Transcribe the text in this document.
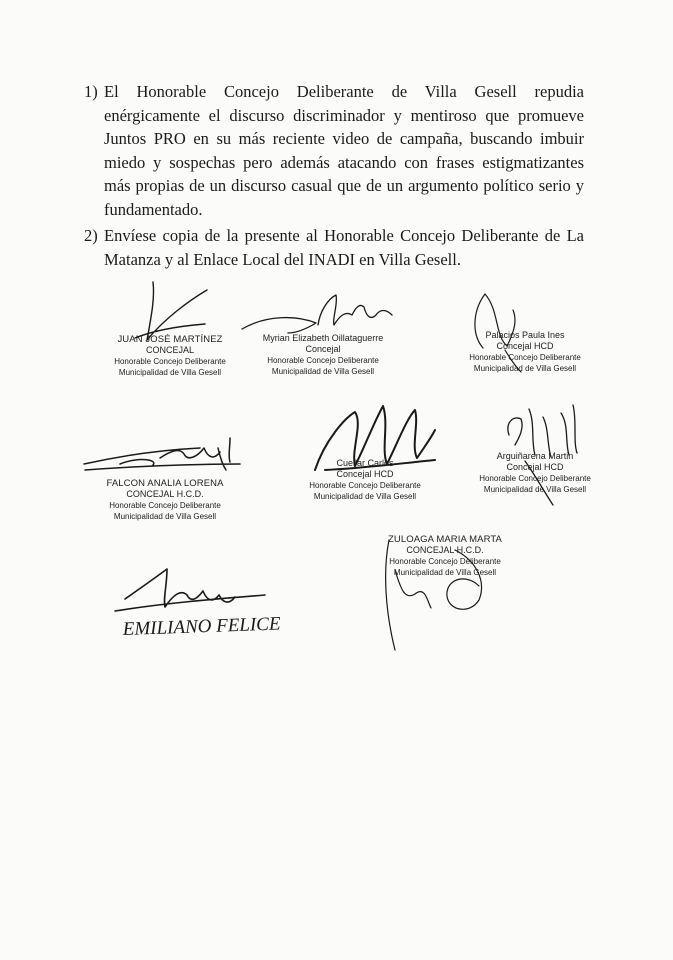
1) El Honorable Concejo Deliberante de Villa Gesell repudia enérgicamente el discurso discriminador y mentiroso que promueve Juntos PRO en su más reciente video de campaña, buscando imbuir miedo y sospechas pero además atacando con frases estigmatizantes más propias de un discurso casual que de un argumento político serio y fundamentado.
2) Envíese copia de la presente al Honorable Concejo Deliberante de La Matanza y al Enlace Local del INADI en Villa Gesell.
JUAN JOSÉ MARTÍNEZ
CONCEJAL
Honorable Concejo Deliberante
Municipalidad de Villa Gesell
Myrian Elizabeth Oillataguerre
Concejal
Honorable Concejo Deliberante
Municipalidad de Villa Gesell
Palacios Paula Ines
Concejal HCD
Honorable Concejo Deliberante
Municipalidad de Villa Gesell
FALCON ANALIA LORENA
CONCEJAL H.C.D.
Honorable Concejo Deliberante
Municipalidad de Villa Gesell
Cuellar Carlos
Concejal HCD
Honorable Concejo Deliberante
Municipalidad de Villa Gesell
Arguiñarena Martin
Concejal HCD
Honorable Concejo Deliberante
Municipalidad de Villa Gesell
ZULOAGA MARIA MARTA
CONCEJAL H.C.D.
Honorable Concejo Deliberante
Municipalidad de Villa Gesell
EMILIANO FELICE
